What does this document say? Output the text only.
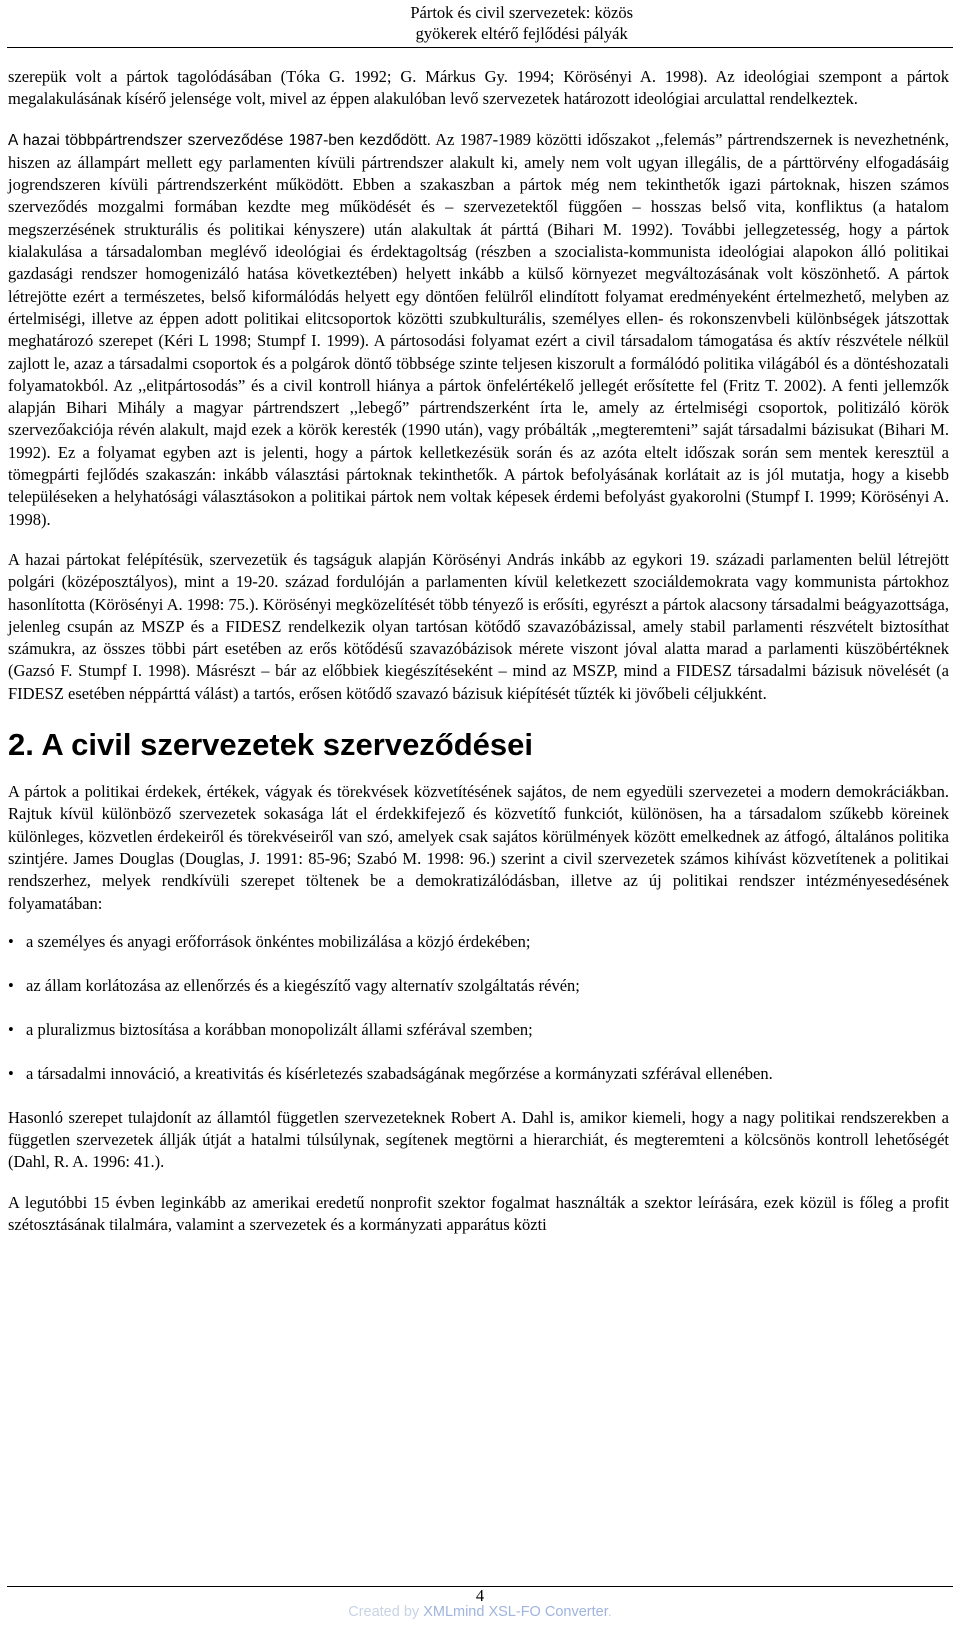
Pártok és civil szervezetek: közös
gyökerek eltérő fejlődési pályák

szerepük volt a pártok tagolódásában (Tóka G. 1992; G. Márkus Gy. 1994; Körösényi A. 1998). Az ideológiai szempont a pártok megalakulásának kísérő jelensége volt, mivel az éppen alakulóban levő szervezetek határozott ideológiai arculattal rendelkeztek.

A hazai többpártrendszer szerveződése 1987-ben kezdődött. Az 1987-1989 közötti időszakot ,,felemás” pártrendszernek is nevezhetnénk, hiszen az állampárt mellett egy parlamenten kívüli pártrendszer alakult ki, amely nem volt ugyan illegális, de a párttörvény elfogadásáig jogrendszeren kívüli pártrendszerként működött. Ebben a szakaszban a pártok még nem tekinthetők igazi pártoknak, hiszen számos szerveződés mozgalmi formában kezdte meg működését és – szervezetektől függően – hosszas belső vita, konfliktus (a hatalom megszerzésének strukturális és politikai kényszere) után alakultak át párttá (Bihari M. 1992). További jellegzetesség, hogy a pártok kialakulása a társadalomban meglévő ideológiai és érdektagoltság (részben a szocialista-kommunista ideológiai alapokon álló politikai gazdasági rendszer homogenizáló hatása következtében) helyett inkább a külső környezet megváltozásának volt köszönhető. A pártok létrejötte ezért a természetes, belső kiformálódás helyett egy döntően felülről elindított folyamat eredményeként értelmezhető, melyben az értelmiségi, illetve az éppen adott politikai elitcsoportok közötti szubkulturális, személyes ellen- és rokonszenvbeli különbségek játszottak meghatározó szerepet (Kéri L 1998; Stumpf I. 1999). A pártosodási folyamat ezért a civil társadalom támogatása és aktív részvétele nélkül zajlott le, azaz a társadalmi csoportok és a polgárok döntő többsége szinte teljesen kiszorult a formálódó politika világából és a döntéshozatali folyamatokból. Az ,,elitpártosodás” és a civil kontroll hiánya a pártok önfelértékelő jellegét erősítette fel (Fritz T. 2002). A fenti jellemzők alapján Bihari Mihály a magyar pártrendszert ,,lebegő” pártrendszerként írta le, amely az értelmiségi csoportok, politizáló körök szervezőakciója révén alakult, majd ezek a körök keresték (1990 után), vagy próbálták ,,megteremteni” saját társadalmi bázisukat (Bihari M. 1992). Ez a folyamat egyben azt is jelenti, hogy a pártok kelletkezésük során és az azóta eltelt időszak során sem mentek keresztül a tömegpárti fejlődés szakaszán: inkább választási pártoknak tekinthetők. A pártok befolyásának korlátait az is jól mutatja, hogy a kisebb településeken a helyhatósági választásokon a politikai pártok nem voltak képesek érdemi befolyást gyakorolni (Stumpf I. 1999; Körösényi A. 1998).

A hazai pártokat felépítésük, szervezetük és tagságuk alapján Körösényi András inkább az egykori 19. századi parlamenten belül létrejött polgári (középosztályos), mint a 19-20. század fordulóján a parlamenten kívül keletkezett szociáldemokrata vagy kommunista pártokhoz hasonlította (Körösényi A. 1998: 75.). Körösényi megközelítését több tényező is erősíti, egyrészt a pártok alacsony társadalmi beágyazottsága, jelenleg csupán az MSZP és a FIDESZ rendelkezik olyan tartósan kötődő szavazóbázissal, amely stabil parlamenti részvételt biztosíthat számukra, az összes többi párt esetében az erős kötődésű szavazóbázisok mérete viszont jóval alatta marad a parlamenti küszöbértéknek (Gazsó F. Stumpf I. 1998). Másrészt – bár az előbbiek kiegészítéseként – mind az MSZP, mind a FIDESZ társadalmi bázisuk növelését (a FIDESZ esetében néppárttá válást) a tartós, erősen kötődő szavazó bázisuk kiépítését tűzték ki jövőbeli céljukként.

2. A civil szervezetek szerveződései

A pártok a politikai érdekek, értékek, vágyak és törekvések közvetítésének sajátos, de nem egyedüli szervezetei a modern demokráciákban. Rajtuk kívül különböző szervezetek sokasága lát el érdekkifejező és közvetítő funkciót, különösen, ha a társadalom szűkebb köreinek különleges, közvetlen érdekeiről és törekvéseiről van szó, amelyek csak sajátos körülmények között emelkednek az átfogó, általános politika szintjére. James Douglas (Douglas, J. 1991: 85-96; Szabó M. 1998: 96.) szerint a civil szervezetek számos kihívást közvetítenek a politikai rendszerhez, melyek rendkívüli szerepet töltenek be a demokratizálódásban, illetve az új politikai rendszer intézményesedésének folyamatában:

• a személyes és anyagi erőforrások önkéntes mobilizálása a közjó érdekében;
• az állam korlátozása az ellenőrzés és a kiegészítő vagy alternatív szolgáltatás révén;
• a pluralizmus biztosítása a korábban monopolizált állami szférával szemben;
• a társadalmi innováció, a kreativitás és kísérletezés szabadságának megőrzése a kormányzati szférával ellenében.

Hasonló szerepet tulajdonít az államtól független szervezeteknek Robert A. Dahl is, amikor kiemeli, hogy a nagy politikai rendszerekben a független szervezetek állják útját a hatalmi túlsúlynak, segítenek megtörni a hierarchiát, és megteremteni a kölcsönös kontroll lehetőségét (Dahl, R. A. 1996: 41.).

A legutóbbi 15 évben leginkább az amerikai eredetű nonprofit szektor fogalmat használták a szektor leírására, ezek közül is főleg a profit szétosztásának tilalmára, valamint a szervezetek és a kormányzati apparátus közti

4
Created by XMLmind XSL-FO Converter.
